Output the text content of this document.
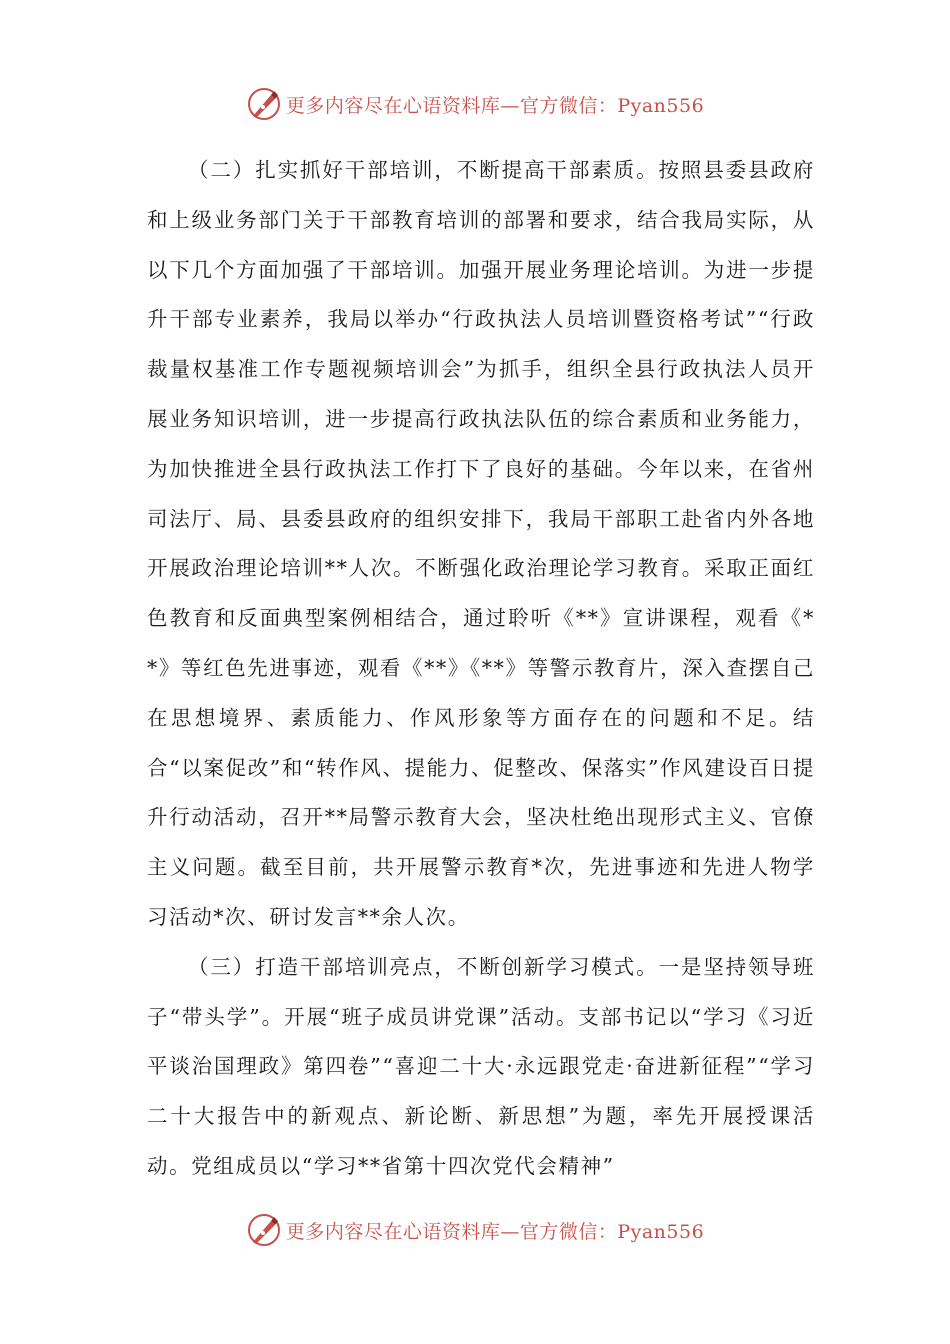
更多内容尽在心语资料库—官方微信：Pyan556

（二）扎实抓好干部培训，不断提高干部素质。按照县委县政府和上级业务部门关于干部教育培训的部署和要求，结合我局实际，从以下几个方面加强了干部培训。加强开展业务理论培训。为进一步提升干部专业素养，我局以举办“行政执法人员培训暨资格考试”“行政裁量权基准工作专题视频培训会”为抓手，组织全县行政执法人员开展业务知识培训，进一步提高行政执法队伍的综合素质和业务能力，为加快推进全县行政执法工作打下了良好的基础。今年以来，在省州司法厅、局、县委县政府的组织安排下，我局干部职工赴省内外各地开展政治理论培训**人次。不断强化政治理论学习教育。采取正面红色教育和反面典型案例相结合，通过聆听《**》宣讲课程，观看《**》等红色先进事迹，观看《**》《**》等警示教育片，深入查摆自己在思想境界、素质能力、作风形象等方面存在的问题和不足。结合“以案促改”和“转作风、提能力、促整改、保落实”作风建设百日提升行动活动，召开**局警示教育大会，坚决杜绝出现形式主义、官僚主义问题。截至目前，共开展警示教育*次，先进事迹和先进人物学习活动*次、研讨发言**余人次。

（三）打造干部培训亮点，不断创新学习模式。一是坚持领导班子“带头学”。开展“班子成员讲党课”活动。支部书记以“学习《习近平谈治国理政》第四卷”“喜迎二十大·永远跟党走·奋进新征程”“学习二十大报告中的新观点、新论断、新思想”为题，率先开展授课活动。党组成员以“学习**省第十四次党代会精神”

更多内容尽在心语资料库—官方微信：Pyan556
